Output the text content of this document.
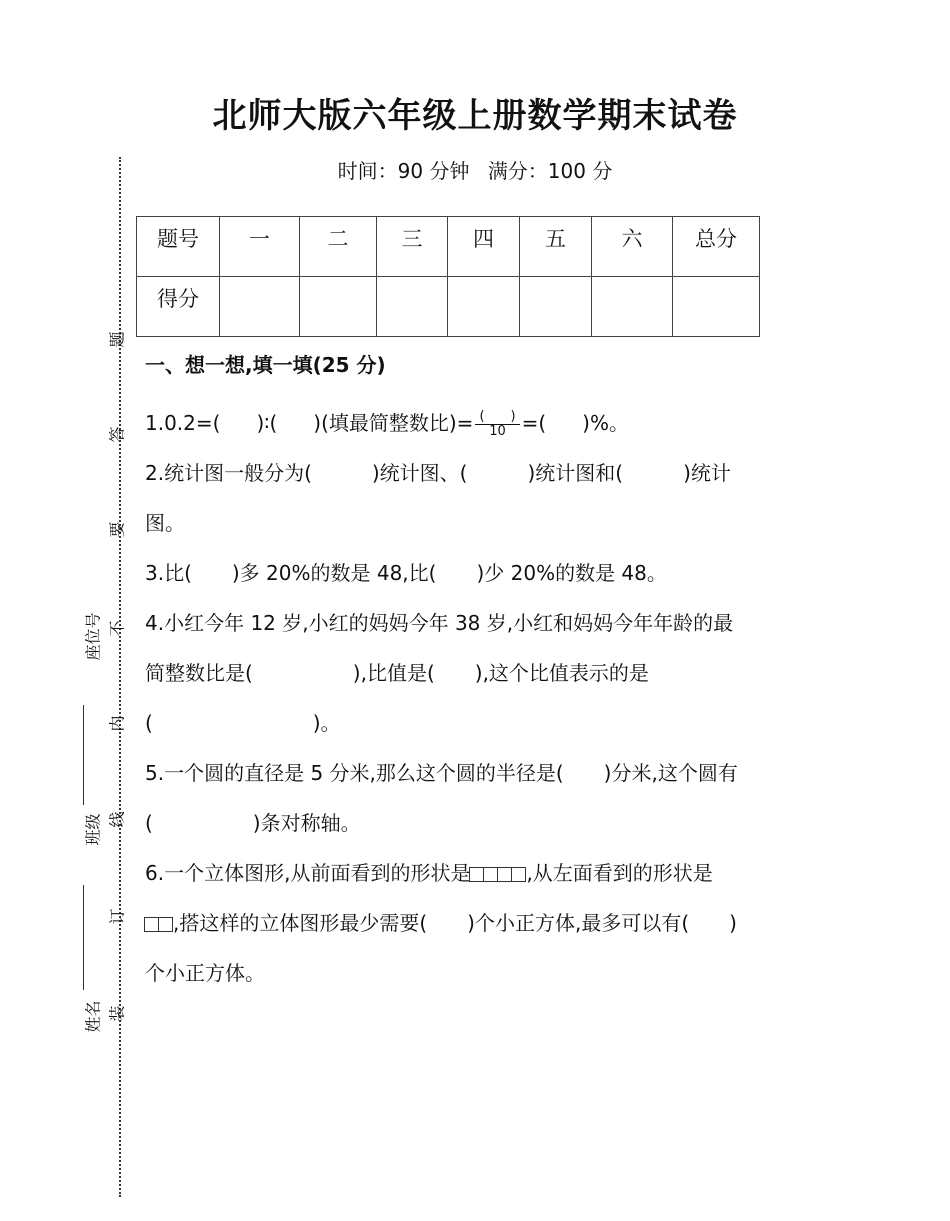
北师大版六年级上册数学期末试卷
时间：90 分钟 满分：100 分
题号	一	二	三	四	五	六	总分
得分							
题
答
要
不
内
线
订
装
座位号
班级
姓名
一、想一想,填一填(25 分)
1.0.2=( )∶( )(填最简整数比)= $\frac{( )}{10}$ =( )%。
2.统计图一般分为(　　　)统计图、(　　　)统计图和(　　　)统计
图。
3.比(　　)多 20%的数是 48,比(　　)少 20%的数是 48。
4.小红今年 12 岁,小红的妈妈今年 38 岁,小红和妈妈今年年龄的最
简整数比是(　　　　　),比值是(　　),这个比值表示的是
(　　　　　　　　)。
5.一个圆的直径是 5 分米,那么这个圆的半径是(　　)分米,这个圆有
(　　　　　)条对称轴。
6.一个立体图形,从前面看到的形状是	,从左面看到的形状是
,搭这样的立体图形最少需要(　　)个小正方体,最多可以有(　　)
个小正方体。
